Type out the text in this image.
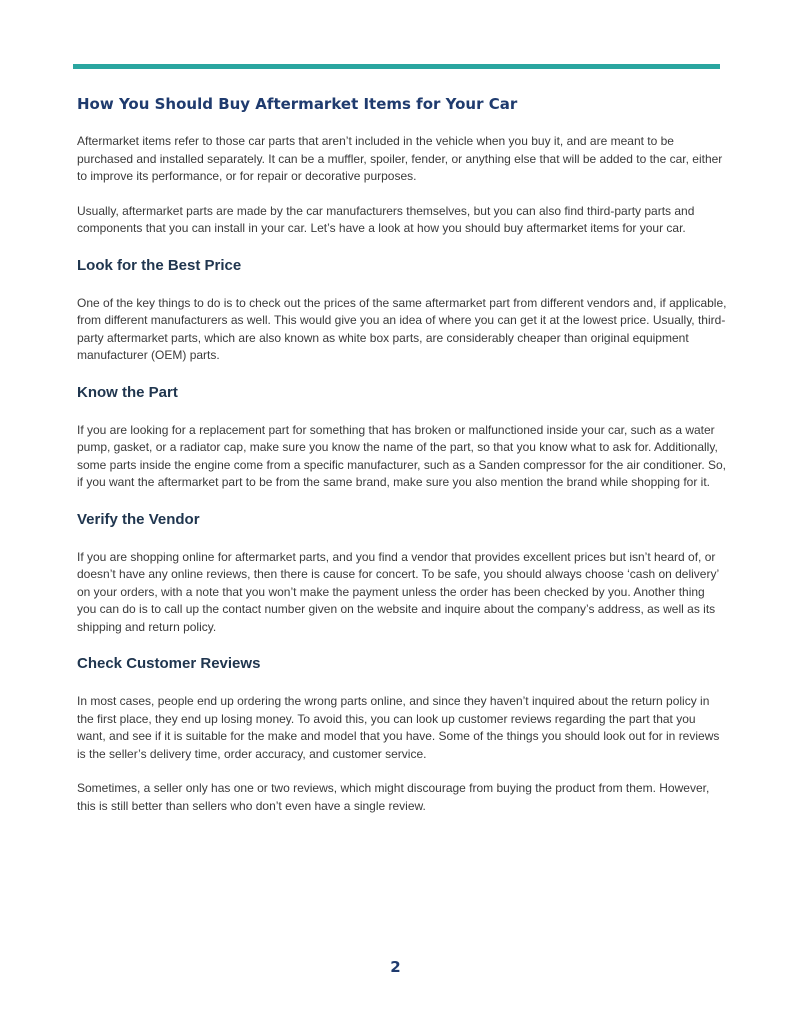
How You Should Buy Aftermarket Items for Your Car

Aftermarket items refer to those car parts that aren’t included in the vehicle when you buy it, and are meant to be purchased and installed separately. It can be a muffler, spoiler, fender, or anything else that will be added to the car, either to improve its performance, or for repair or decorative purposes.

Usually, aftermarket parts are made by the car manufacturers themselves, but you can also find third-party parts and components that you can install in your car. Let’s have a look at how you should buy aftermarket items for your car.

Look for the Best Price

One of the key things to do is to check out the prices of the same aftermarket part from different vendors and, if applicable, from different manufacturers as well. This would give you an idea of where you can get it at the lowest price. Usually, third-party aftermarket parts, which are also known as white box parts, are considerably cheaper than original equipment manufacturer (OEM) parts.

Know the Part

If you are looking for a replacement part for something that has broken or malfunctioned inside your car, such as a water pump, gasket, or a radiator cap, make sure you know the name of the part, so that you know what to ask for. Additionally, some parts inside the engine come from a specific manufacturer, such as a Sanden compressor for the air conditioner. So, if you want the aftermarket part to be from the same brand, make sure you also mention the brand while shopping for it.

Verify the Vendor

If you are shopping online for aftermarket parts, and you find a vendor that provides excellent prices but isn’t heard of, or doesn’t have any online reviews, then there is cause for concert. To be safe, you should always choose ‘cash on delivery’ on your orders, with a note that you won’t make the payment unless the order has been checked by you. Another thing you can do is to call up the contact number given on the website and inquire about the company’s address, as well as its shipping and return policy.

Check Customer Reviews

In most cases, people end up ordering the wrong parts online, and since they haven’t inquired about the return policy in the first place, they end up losing money. To avoid this, you can look up customer reviews regarding the part that you want, and see if it is suitable for the make and model that you have. Some of the things you should look out for in reviews is the seller’s delivery time, order accuracy, and customer service.

Sometimes, a seller only has one or two reviews, which might discourage from buying the product from them. However, this is still better than sellers who don’t even have a single review.

2
